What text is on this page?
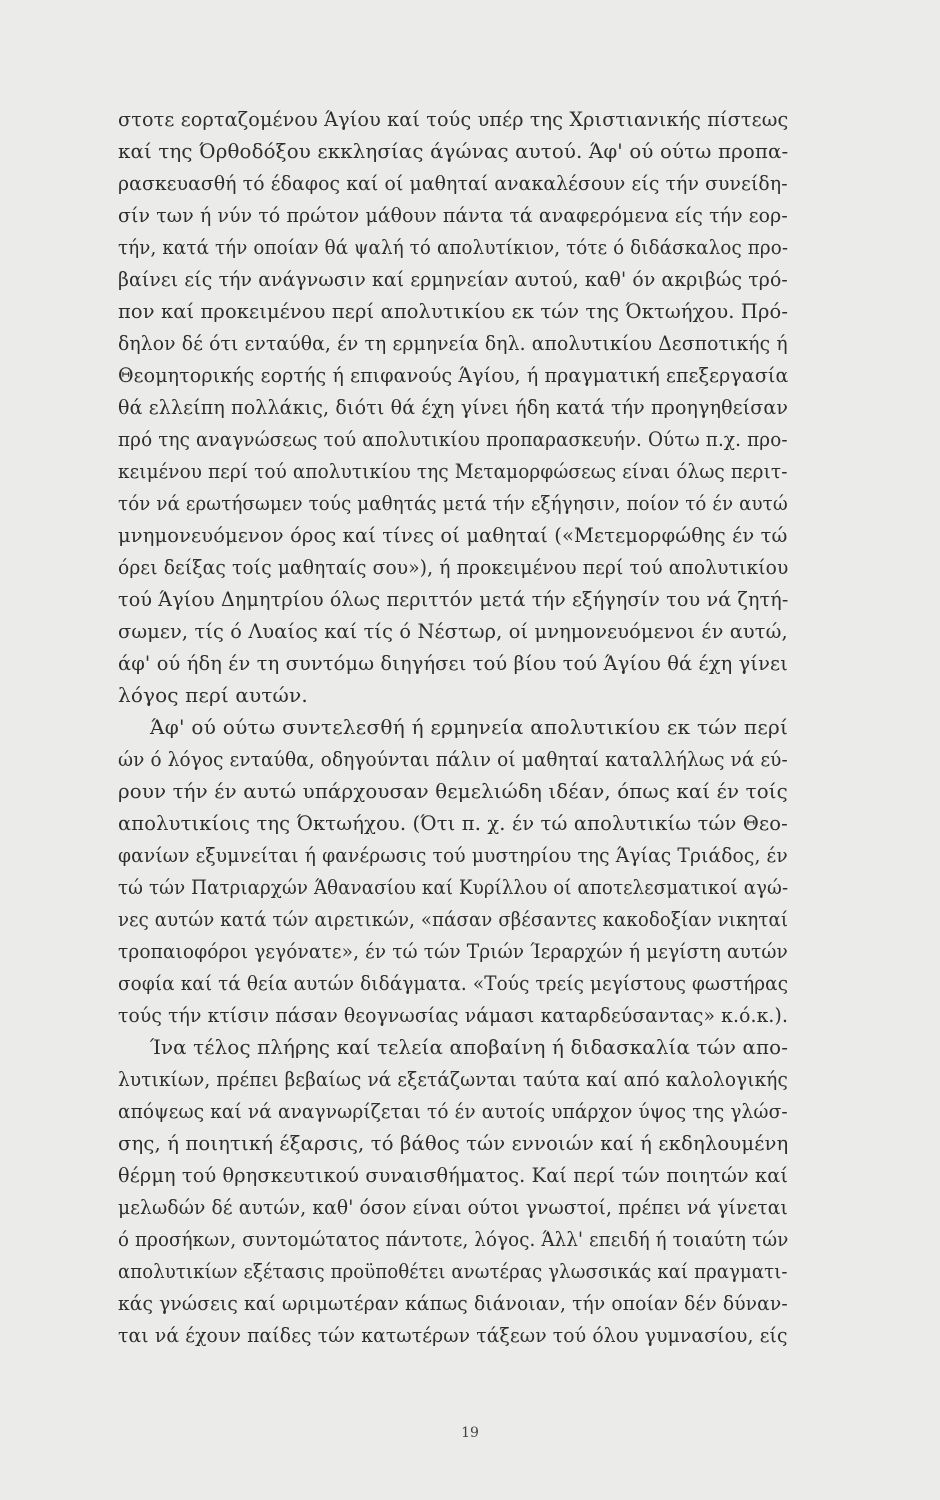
στοτε εορταζομένου Άγίου καί τούς υπέρ της Χριστιανικής πίστεως
καί της Όρθοδόξου εκκλησίας άγώνας αυτού. Άφ' ού ούτω προπα-
ρασκευασθή τό έδαφος καί οί μαθηταί ανακαλέσουν είς τήν συνείδη-
σίν των ή νύν τό πρώτον μάθουν πάντα τά αναφερόμενα είς τήν εορ-
τήν, κατά τήν οποίαν θά ψαλή τό απολυτίκιον, τότε ό διδάσκαλος προ-
βαίνει είς τήν ανάγνωσιν καί ερμηνείαν αυτού, καθ' όν ακριβώς τρό-
πον καί προκειμένου περί απολυτικίου εκ τών της Όκτωήχου. Πρό-
δηλον δέ ότι ενταύθα, έν τη ερμηνεία δηλ. απολυτικίου Δεσποτικής ή
Θεομητορικής εορτής ή επιφανούς Άγίου, ή πραγματική επεξεργασία
θά ελλείπη πολλάκις, διότι θά έχη γίνει ήδη κατά τήν προηγηθείσαν
πρό της αναγνώσεως τού απολυτικίου προπαρασκευήν. Ούτω π.χ. προ-
κειμένου περί τού απολυτικίου της Μεταμορφώσεως είναι όλως περιτ-
τόν νά ερωτήσωμεν τούς μαθητάς μετά τήν εξήγησιν, ποίον τό έν αυτώ
μνημονευόμενον όρος καί τίνες οί μαθηταί («Μετεμορφώθης έν τώ
όρει δείξας τοίς μαθηταίς σου»), ή προκειμένου περί τού απολυτικίου
τού Άγίου Δημητρίου όλως περιττόν μετά τήν εξήγησίν του νά ζητή-
σωμεν, τίς ό Λυαίος καί τίς ό Νέστωρ, οί μνημονευόμενοι έν αυτώ,
άφ' ού ήδη έν τη συντόμω διηγήσει τού βίου τού Άγίου θά έχη γίνει
λόγος περί αυτών.
Άφ' ού ούτω συντελεσθή ή ερμηνεία απολυτικίου εκ τών περί
ών ό λόγος ενταύθα, οδηγούνται πάλιν οί μαθηταί καταλλήλως νά εύ-
ρουν τήν έν αυτώ υπάρχουσαν θεμελιώδη ιδέαν, όπως καί έν τοίς
απολυτικίοις της Όκτωήχου. (Ότι π. χ. έν τώ απολυτικίω τών Θεο-
φανίων εξυμνείται ή φανέρωσις τού μυστηρίου της Άγίας Τριάδος, έν
τώ τών Πατριαρχών Άθανασίου καί Κυρίλλου οί αποτελεσματικοί αγώ-
νες αυτών κατά τών αιρετικών, «πάσαν σβέσαντες κακοδοξίαν νικηταί
τροπαιοφόροι γεγόνατε», έν τώ τών Τριών Ίεραρχών ή μεγίστη αυτών
σοφία καί τά θεία αυτών διδάγματα. «Τούς τρείς μεγίστους φωστήρας
τούς τήν κτίσιν πάσαν θεογνωσίας νάμασι καταρδεύσαντας» κ.ό.κ.).
Ίνα τέλος πλήρης καί τελεία αποβαίνη ή διδασκαλία τών απο-
λυτικίων, πρέπει βεβαίως νά εξετάζωνται ταύτα καί από καλολογικής
απόψεως καί νά αναγνωρίζεται τό έν αυτοίς υπάρχον ύψος της γλώσ-
σης, ή ποιητική έξαρσις, τό βάθος τών εννοιών καί ή εκδηλουμένη
θέρμη τού θρησκευτικού συναισθήματος. Καί περί τών ποιητών καί
μελωδών δέ αυτών, καθ' όσον είναι ούτοι γνωστοί, πρέπει νά γίνεται
ό προσήκων, συντομώτατος πάντοτε, λόγος. Άλλ' επειδή ή τοιαύτη τών
απολυτικίων εξέτασις προϋποθέτει ανωτέρας γλωσσικάς καί πραγματι-
κάς γνώσεις καί ωριμωτέραν κάπως διάνοιαν, τήν οποίαν δέν δύναν-
ται νά έχουν παίδες τών κατωτέρων τάξεων τού όλου γυμνασίου, είς
19
